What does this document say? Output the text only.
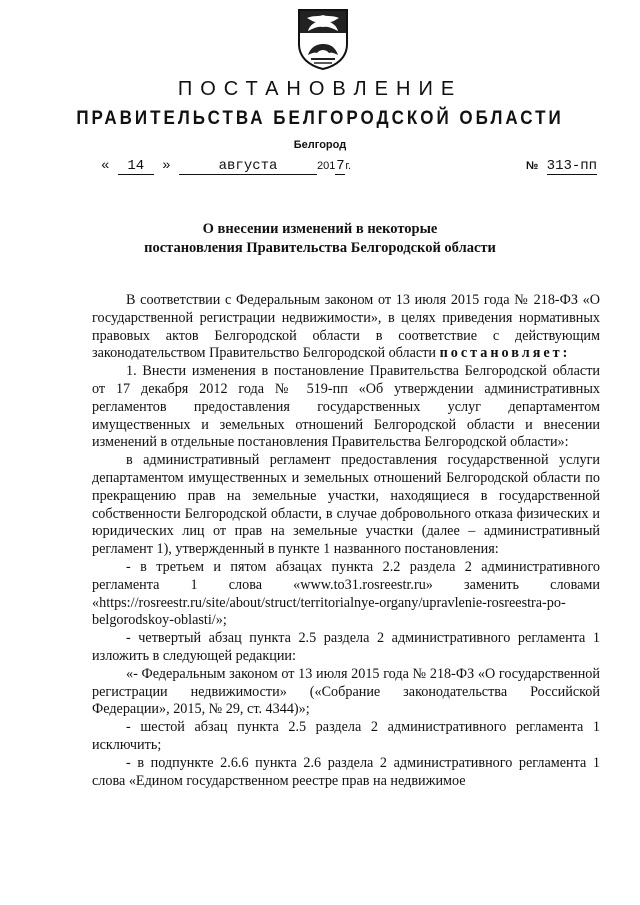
ПОСТАНОВЛЕНИЕ
ПРАВИТЕЛЬСТВА БЕЛГОРОДСКОЙ ОБЛАСТИ
Белгород
« 14 »	августа	2017г.	№ 313-пп
О внесении изменений в некоторые
постановления Правительства Белгородской области

В соответствии с Федеральным законом от 13 июля 2015 года № 218-ФЗ «О государственной регистрации недвижимости», в целях приведения нормативных правовых актов Белгородской области в соответствие с действующим законодательством Правительство Белгородской области постановляет:

1. Внести изменения в постановление Правительства Белгородской области от 17 декабря 2012 года № 519-пп «Об утверждении административных регламентов предоставления государственных услуг департаментом имущественных и земельных отношений Белгородской области и внесении изменений в отдельные постановления Правительства Белгородской области»:

в административный регламент предоставления государственной услуги департаментом имущественных и земельных отношений Белгородской области по прекращению прав на земельные участки, находящиеся в государственной собственности Белгородской области, в случае добровольного отказа физических и юридических лиц от прав на земельные участки (далее – административный регламент 1), утвержденный в пункте 1 названного постановления:

- в третьем и пятом абзацах пункта 2.2 раздела 2 административного регламента 1 слова «www.to31.rosreestr.ru» заменить словами «https://rosreestr.ru/site/about/struct/territorialnye-organy/upravlenie-rosreestra-po-belgorodskoy-oblasti/»;

- четвертый абзац пункта 2.5 раздела 2 административного регламента 1 изложить в следующей редакции:

«- Федеральным законом от 13 июля 2015 года № 218-ФЗ «О государственной регистрации недвижимости» («Собрание законодательства Российской Федерации», 2015, № 29, ст. 4344)»;

- шестой абзац пункта 2.5 раздела 2 административного регламента 1 исключить;

- в подпункте 2.6.6 пункта 2.6 раздела 2 административного регламента 1 слова «Едином государственном реестре прав на недвижимое
